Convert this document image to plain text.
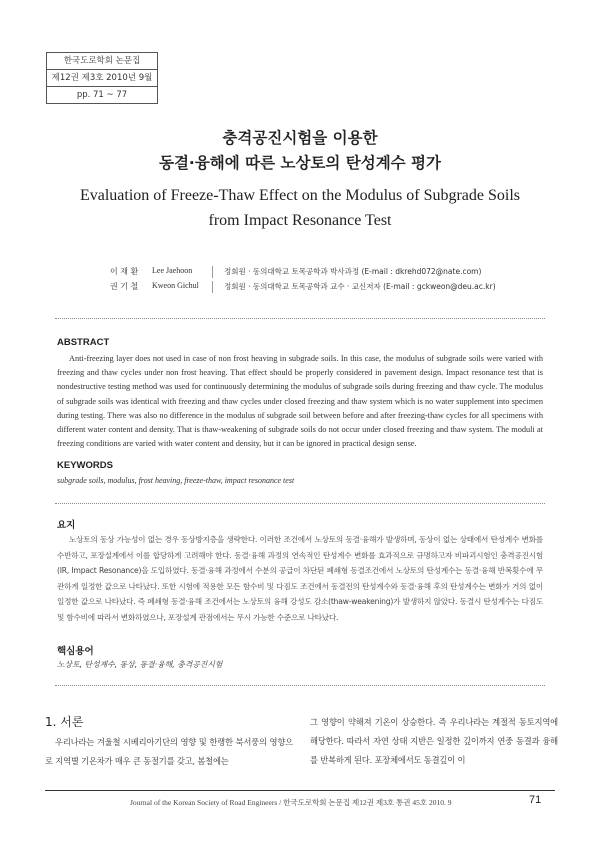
한국도로학회 논문집
제12권 제3호 2010년 9월
pp. 71 ~ 77
충격공진시험을 이용한
동결·융해에 따른 노상토의 탄성계수 평가
Evaluation of Freeze-Thaw Effect on the Modulus of Subgrade Soils
from Impact Resonance Test
이 재 환 Lee Jaehoon	정회원 · 동의대학교 토목공학과 박사과정 (E-mail : dkrehd072@nate.com)
권 기 철 Kweon Gichul	정회원 · 동의대학교 토목공학과 교수 · 교신저자 (E-mail : gckweon@deu.ac.kr)
ABSTRACT

Anti-freezing layer does not used in case of non frost heaving in subgrade soils. In this case, the modulus of subgrade soils were varied with freezing and thaw cycles under non frost heaving. That effect should be properly considered in pavement design. Impact resonance test that is nondestructive testing method was used for continuously determining the modulus of subgrade soils during freezing and thaw cycle. The modulus of subgrade soils was identical with freezing and thaw cycles under closed freezing and thaw system which is no water supplement into specimen during testing. There was also no difference in the modulus of subgrade soil between before and after freezing-thaw cycles for all specimens with different water content and density. That is thaw-weakening of subgrade soils do not occur under closed freezing and thaw system. The moduli at freezing conditions are varied with water content and density, but it can be ignored in practical design sense.

KEYWORDS
subgrade soils, modulus, frost heaving, freeze-thaw, impact resonance test
요지

노상토의 동상 가능성이 없는 경우 동상방지층을 생략한다. 이러한 조건에서 노상토의 동결·융해가 발생하며, 동상이 없는 상태에서 탄성계수 변화를 수반하고, 포장설계에서 이를 합당하게 고려해야 한다. 동결·융해 과정의 연속적인 탄성계수 변화를 효과적으로 규명하고자 비파괴시험인 충격공진시험(IR, Impact Resonance)을 도입하였다. 동결·융해 과정에서 수분의 공급이 차단된 폐쇄형 동결조건에서 노상토의 탄성계수는 동결·융해 반복횟수에 무관하게 일정한 값으로 나타났다. 또한 시험에 적용한 모든 함수비 및 다짐도 조건에서 동결전의 탄성계수와 동결·융해 후의 탄성계수는 변화가 거의 없이 일정한 값으로 나타났다. 즉 폐쇄형 동결·융해 조건에서는 노상토의 융해 강성도 감소(thaw-weakening)가 발생하지 않았다. 동결시 탄성계수는 다짐도 및 함수비에 따라서 변화하였으나, 포장설계 관점에서는 무시 가능한 수준으로 나타났다.

핵심용어
노상토, 탄성계수, 동상, 동결·융해, 충격공진시험
1. 서론

우리나라는 겨울철 시베리아기단의 영향 및 한랭한 북서풍의 영향으로 지역별 기온차가 매우 큰 동절기를 갖고, 봄철에는

그 영향이 약해져 기온이 상승한다. 즉 우리나라는 계절적 동토지역에 해당한다. 따라서 자연 상태 지반은 일정한 깊이까지 연중 동결과 융해를 반복하게 된다. 포장체에서도 동결깊이 이

Journal of the Korean Society of Road Engineers / 한국도로학회 논문집 제12권 제3호 통권 45호 2010. 9	71
